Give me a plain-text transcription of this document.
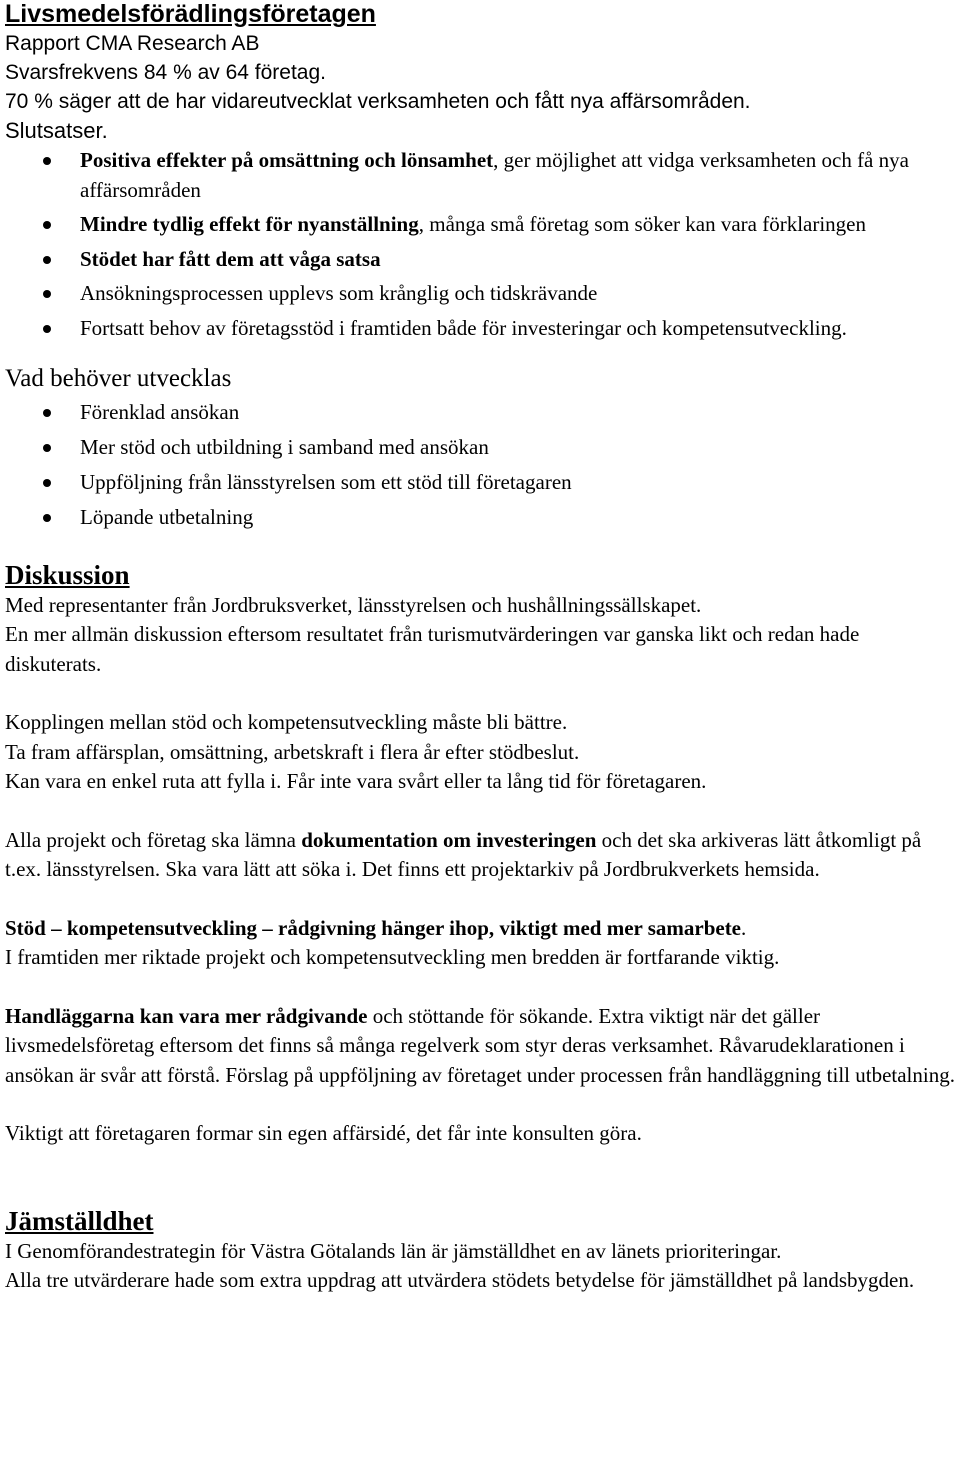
Livsmedelsförädlingsföretagen

Rapport CMA Research AB

Svarsfrekvens 84 % av 64 företag.

70 % säger att de har vidareutvecklat verksamheten och fått nya affärsområden.

Slutsatser.

Positiva effekter på omsättning och lönsamhet, ger möjlighet att vidga verksamheten och få nya affärsområden
Mindre tydlig effekt för nyanställning, många små företag som söker kan vara förklaringen
Stödet har fått dem att våga satsa
Ansökningsprocessen upplevs som krånglig och tidskrävande
Fortsatt behov av företagsstöd i framtiden både för investeringar och kompetensutveckling.

Vad behöver utvecklas

Förenklad ansökan
Mer stöd och utbildning i samband med ansökan
Uppföljning från länsstyrelsen som ett stöd till företagaren
Löpande utbetalning

Diskussion

Med representanter från Jordbruksverket, länsstyrelsen och hushållningssällskapet.

En mer allmän diskussion eftersom resultatet från turismutvärderingen var ganska likt och redan hade diskuterats.

Kopplingen mellan stöd och kompetensutveckling måste bli bättre.

Ta fram affärsplan, omsättning, arbetskraft i flera år efter stödbeslut.

Kan vara en enkel ruta att fylla i. Får inte vara svårt eller ta lång tid för företagaren.

Alla projekt och företag ska lämna dokumentation om investeringen och det ska arkiveras lätt åtkomligt på t.ex. länsstyrelsen. Ska vara lätt att söka i. Det finns ett projektarkiv på Jordbrukverkets hemsida.

Stöd – kompetensutveckling – rådgivning hänger ihop, viktigt med mer samarbete.

I framtiden mer riktade projekt och kompetensutveckling men bredden är fortfarande viktig.

Handläggarna kan vara mer rådgivande och stöttande för sökande. Extra viktigt när det gäller livsmedelsföretag eftersom det finns så många regelverk som styr deras verksamhet. Råvarudeklarationen i ansökan är svår att förstå. Förslag på uppföljning av företaget under processen från handläggning till utbetalning.

Viktigt att företagaren formar sin egen affärsidé, det får inte konsulten göra.

Jämställdhet

I Genomförandestrategin för Västra Götalands län är jämställdhet en av länets prioriteringar.

Alla tre utvärderare hade som extra uppdrag att utvärdera stödets betydelse för jämställdhet på landsbygden.
